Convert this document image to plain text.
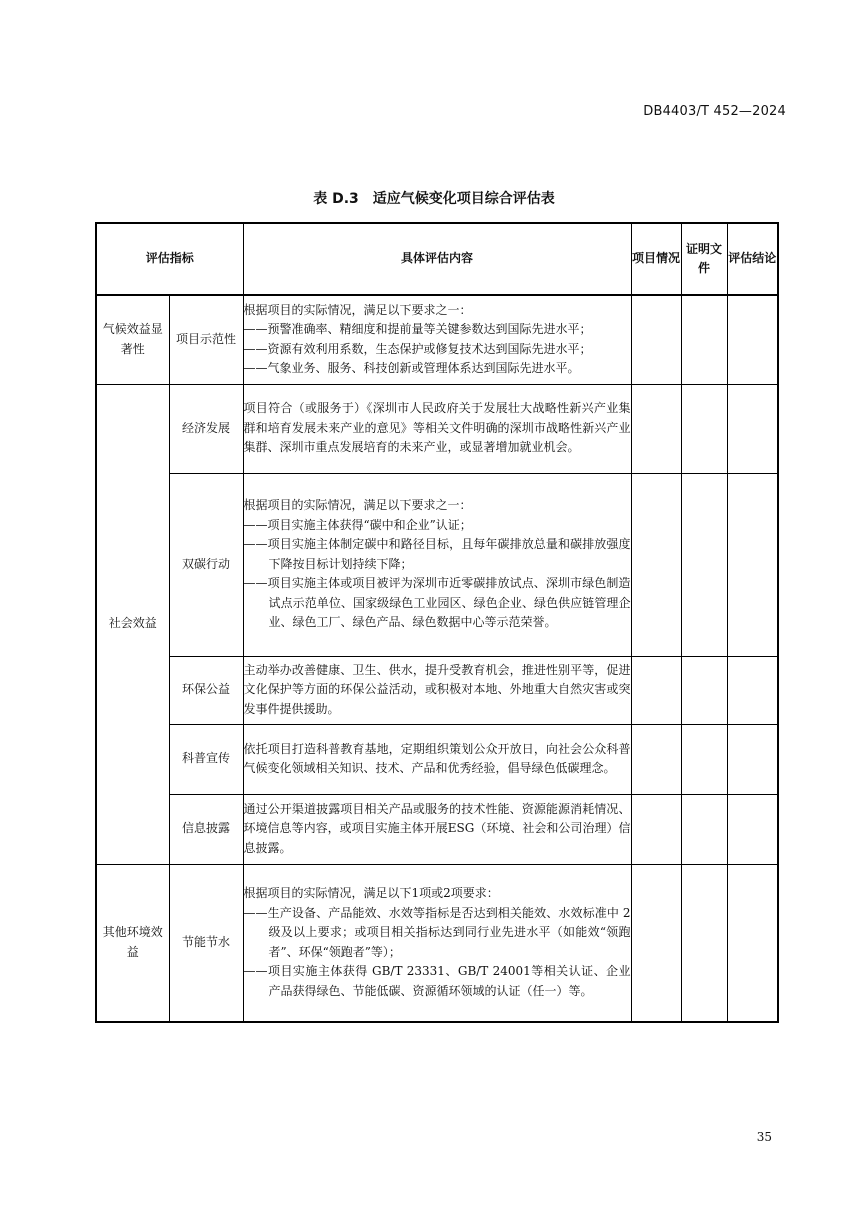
DB4403/T 452—2024
表 D.3　适应气候变化项目综合评估表
评估指标		具体评估内容	项目情况	证明文件	评估结论
气候效益显著性	项目示范性	根据项目的实际情况，满足以下要求之一：
——预警准确率、精细度和提前量等关键参数达到国际先进水平；
——资源有效利用系数，生态保护或修复技术达到国际先进水平；
——气象业务、服务、科技创新或管理体系达到国际先进水平。			

社会效益	经济发展	项目符合（或服务于）《深圳市人民政府关于发展壮大战略性新兴产业集群和培育发展未来产业的意见》等相关文件明确的深圳市战略性新兴产业集群、深圳市重点发展培育的未来产业，或显著增加就业机会。			
	双碳行动	根据项目的实际情况，满足以下要求之一：
——项目实施主体获得“碳中和企业”认证；
——项目实施主体制定碳中和路径目标，且每年碳排放总量和碳排放强度下降按目标计划持续下降；
——项目实施主体或项目被评为深圳市近零碳排放试点、深圳市绿色制造试点示范单位、国家级绿色工业园区、绿色企业、绿色供应链管理企业、绿色工厂、绿色产品、绿色数据中心等示范荣誉。			

	环保公益	主动举办改善健康、卫生、供水，提升受教育机会，推进性别平等，促进文化保护等方面的环保公益活动，或积极对本地、外地重大自然灾害或突发事件提供援助。			
	科普宣传	依托项目打造科普教育基地，定期组织策划公众开放日，向社会公众科普气候变化领域相关知识、技术、产品和优秀经验，倡导绿色低碳理念。			
	信息披露	通过公开渠道披露项目相关产品或服务的技术性能、资源能源消耗情况、环境信息等内容，或项目实施主体开展ESG（环境、社会和公司治理）信息披露。			
其他环境效益	节能节水	根据项目的实际情况，满足以下1项或2项要求：
——生产设备、产品能效、水效等指标是否达到相关能效、水效标准中 2 级及以上要求；或项目相关指标达到同行业先进水平（如能效“领跑者”、环保“领跑者”等）；
——项目实施主体获得 GB/T 23331、GB/T 24001等相关认证、企业产品获得绿色、节能低碳、资源循环领域的认证（任一）等。			

35
